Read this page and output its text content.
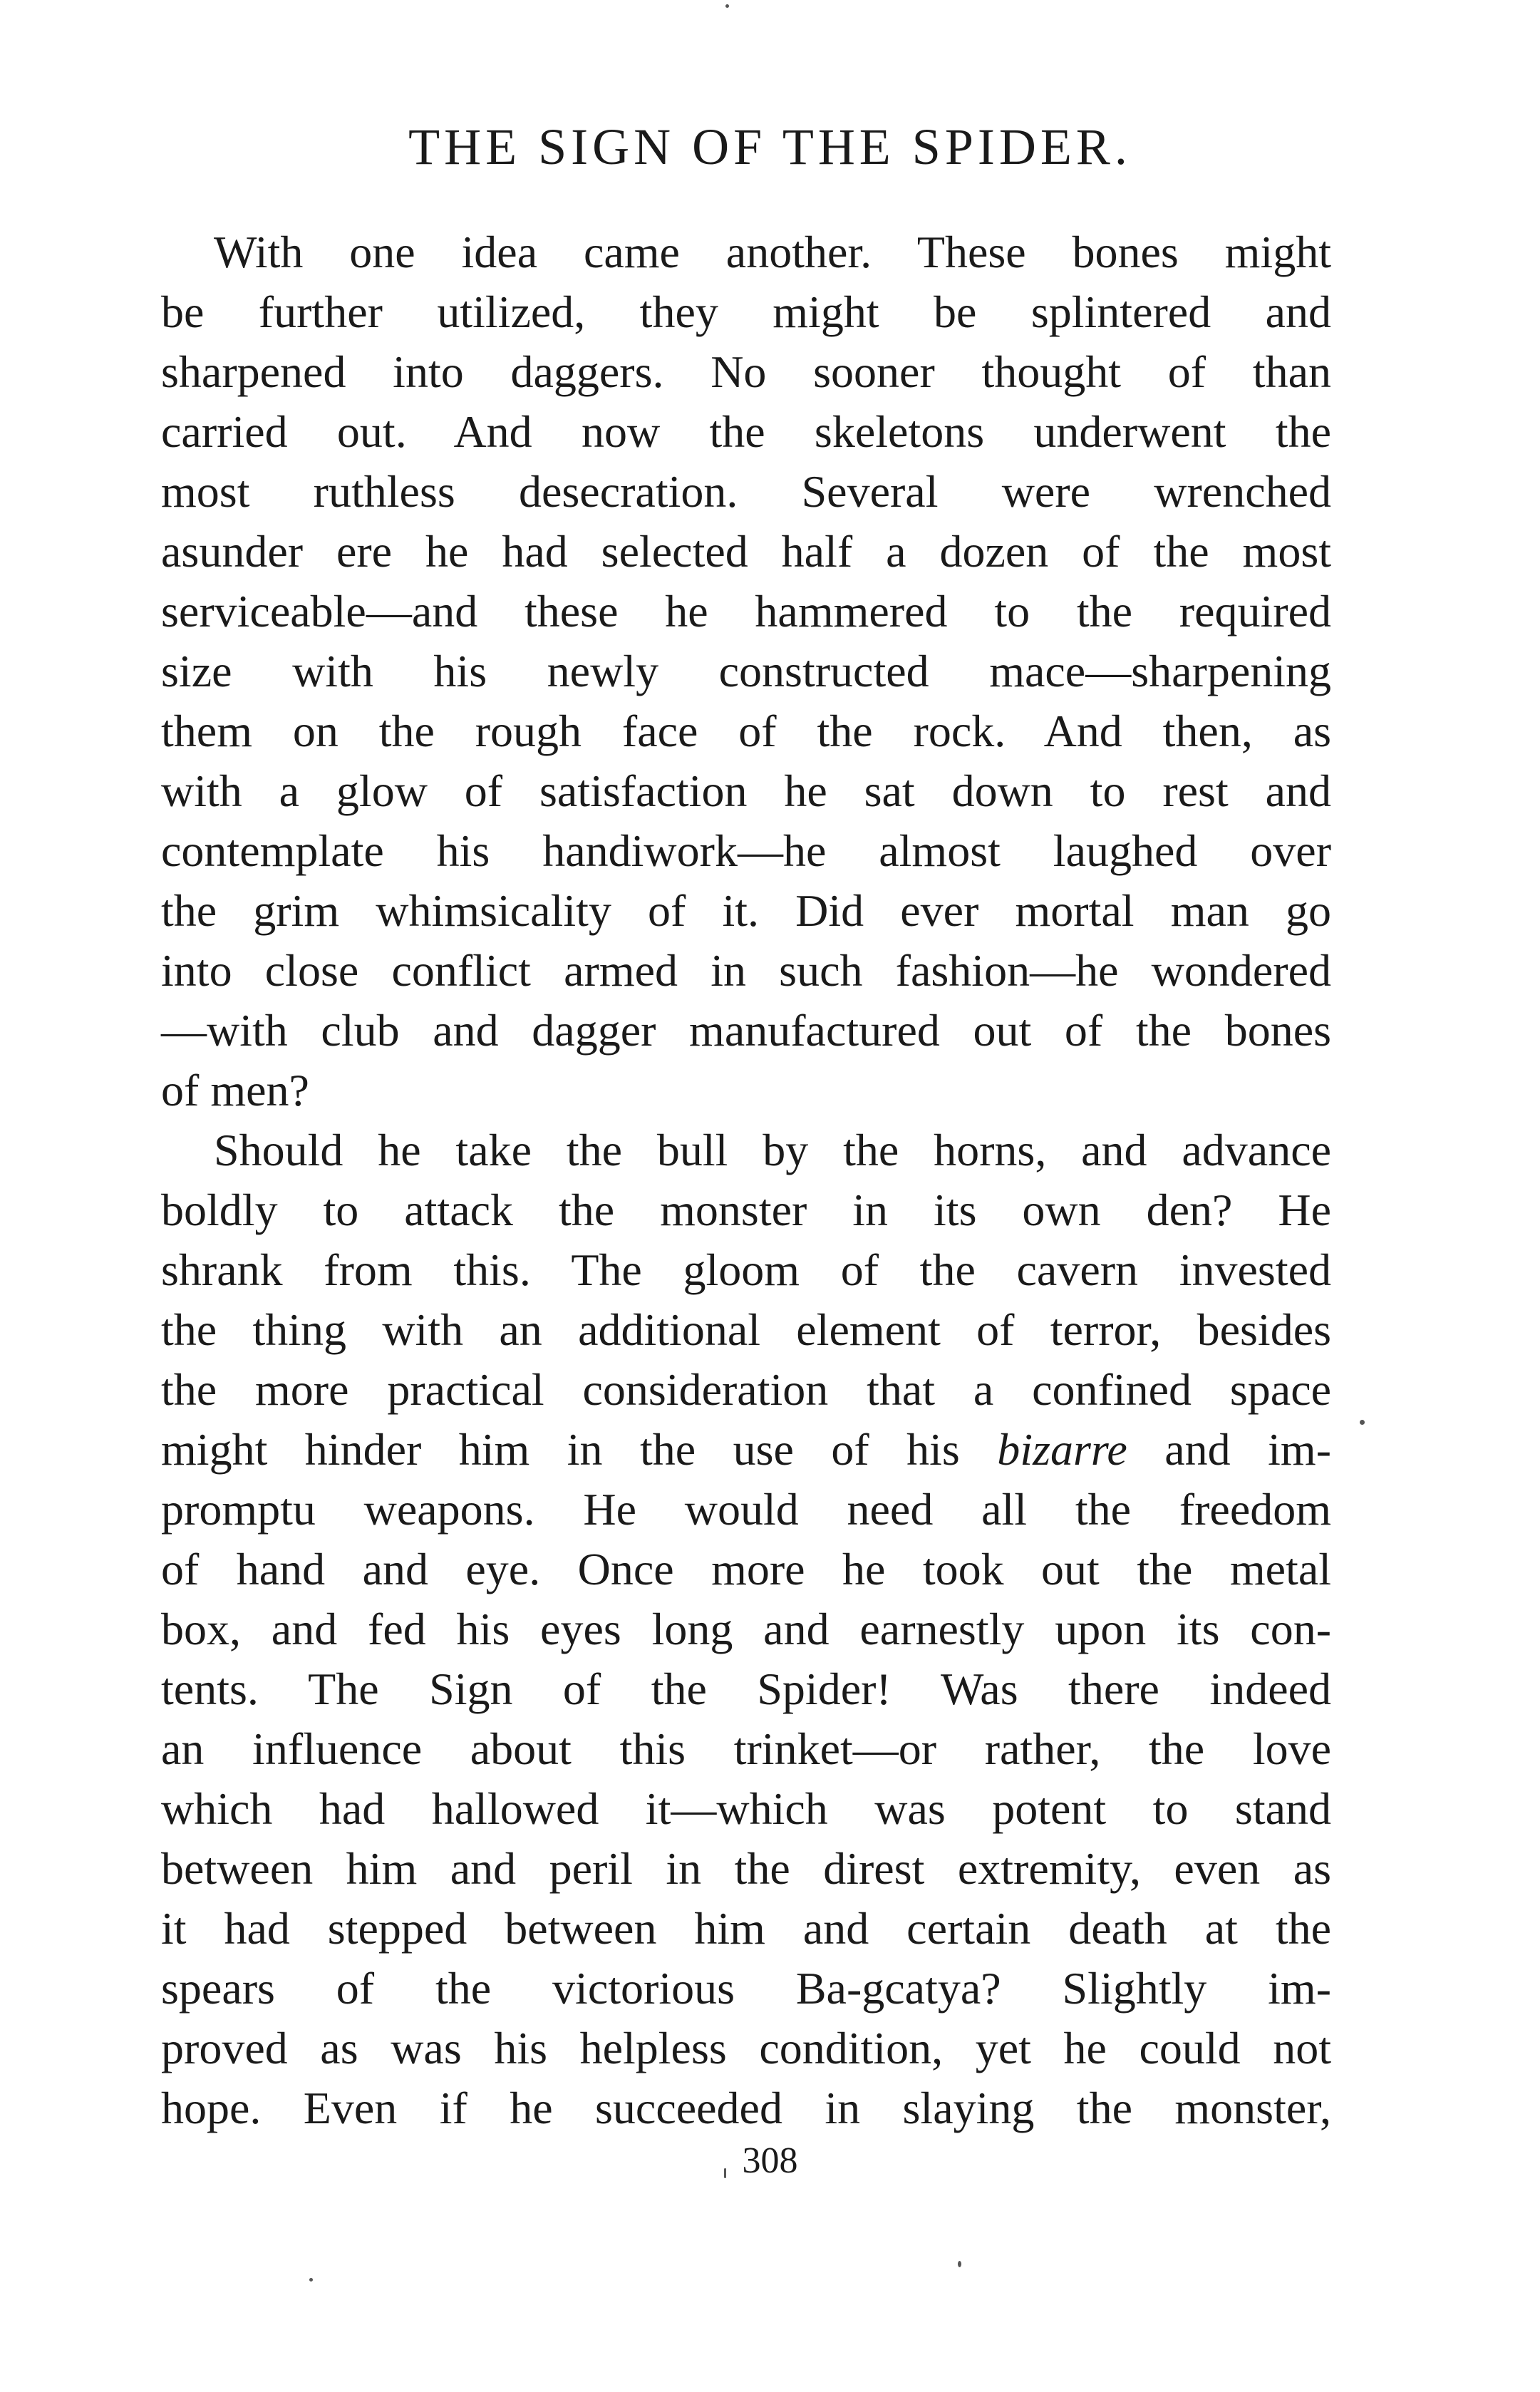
THE SIGN OF THE SPIDER.
With one idea came another. These bones might
be further utilized, they might be splintered and
sharpened into daggers. No sooner thought of than
carried out. And now the skeletons underwent the
most ruthless desecration. Several were wrenched
asunder ere he had selected half a dozen of the most
serviceable—and these he hammered to the required
size with his newly constructed mace—sharpening
them on the rough face of the rock. And then, as
with a glow of satisfaction he sat down to rest and
contemplate his handiwork—he almost laughed over
the grim whimsicality of it. Did ever mortal man go
into close conflict armed in such fashion—he wondered
—with club and dagger manufactured out of the bones
of men?
Should he take the bull by the horns, and advance
boldly to attack the monster in its own den? He
shrank from this. The gloom of the cavern invested
the thing with an additional element of terror, besides
the more practical consideration that a confined space
might hinder him in the use of his bizarre and im-
promptu weapons. He would need all the freedom
of hand and eye. Once more he took out the metal
box, and fed his eyes long and earnestly upon its con-
tents. The Sign of the Spider! Was there indeed
an influence about this trinket—or rather, the love
which had hallowed it—which was potent to stand
between him and peril in the direst extremity, even as
it had stepped between him and certain death at the
spears of the victorious Ba-gcatya? Slightly im-
proved as was his helpless condition, yet he could not
hope. Even if he succeeded in slaying the monster,
308
